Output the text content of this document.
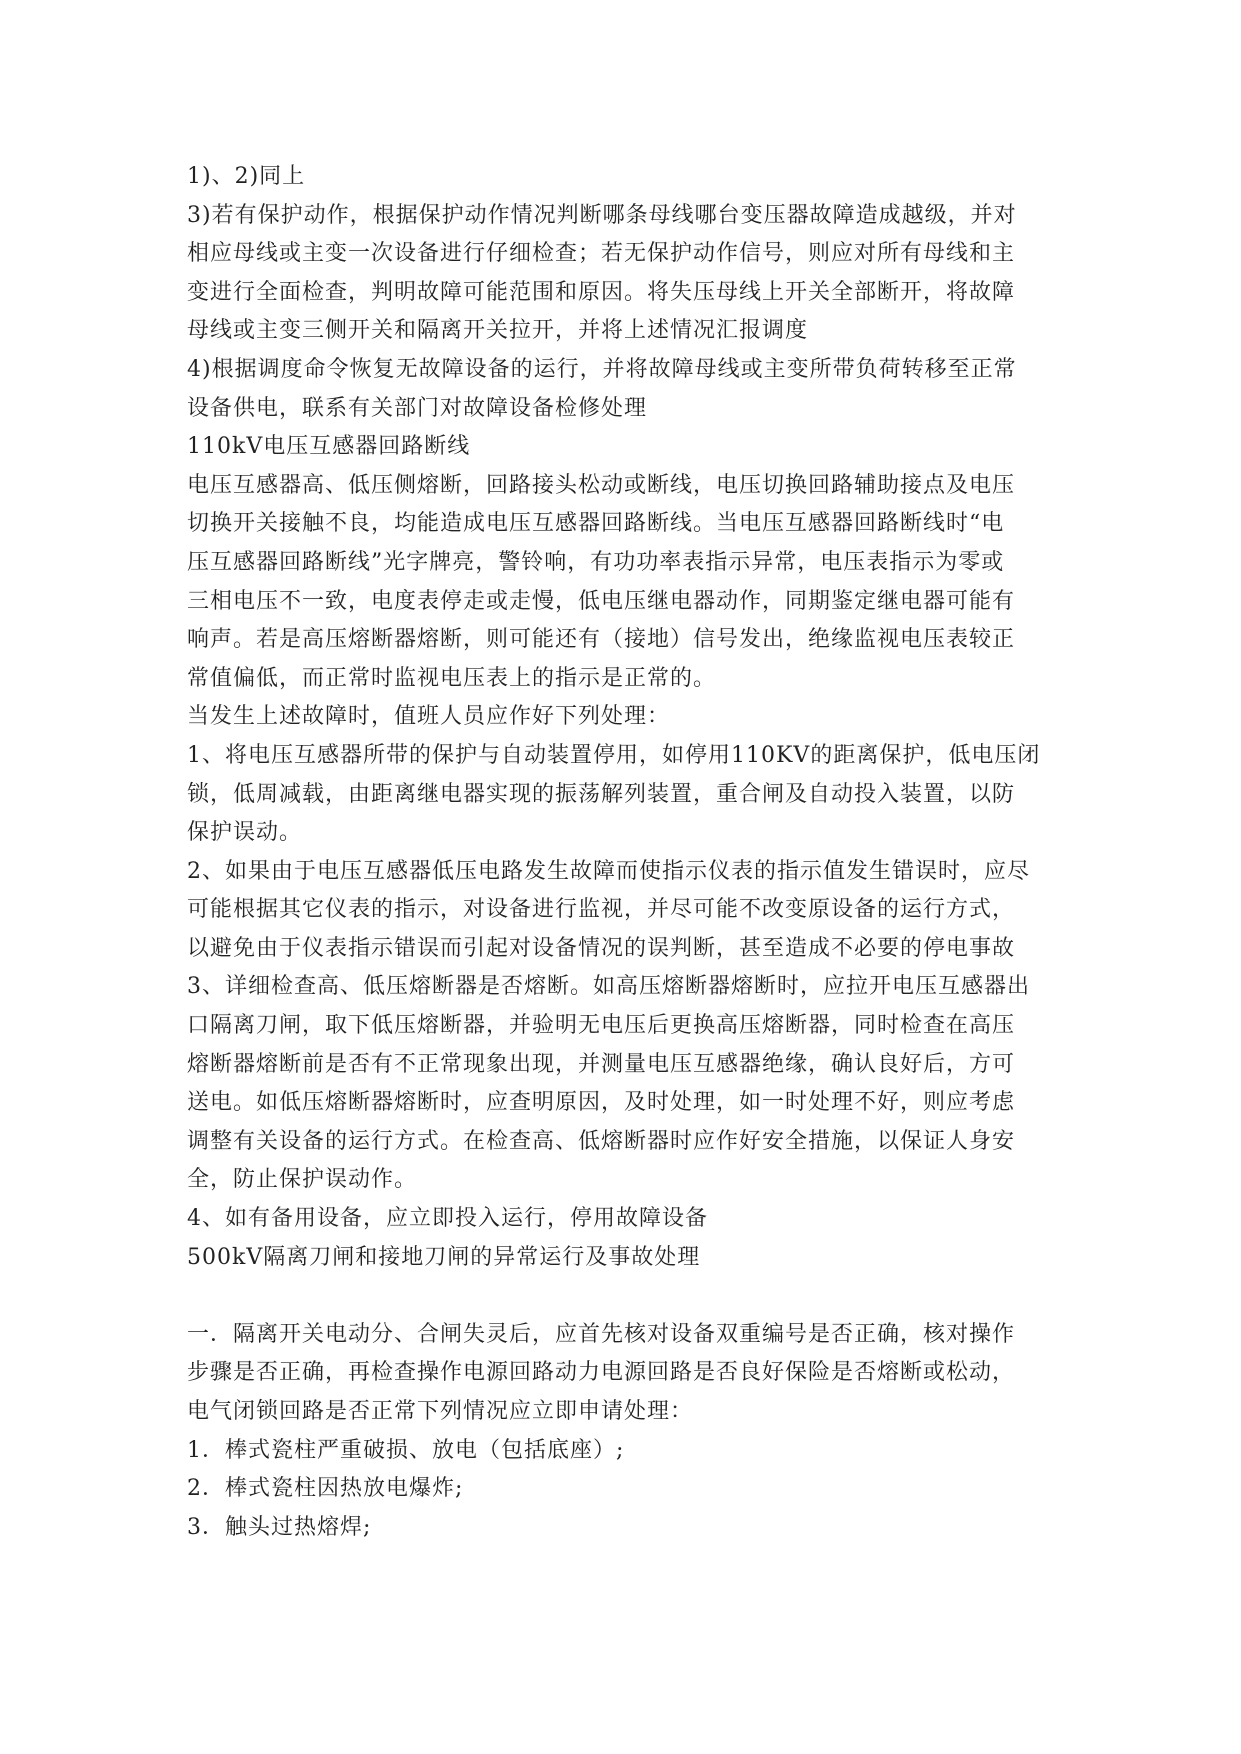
1)、2)同上
3)若有保护动作，根据保护动作情况判断哪条母线哪台变压器故障造成越级，并对
相应母线或主变一次设备进行仔细检查；若无保护动作信号，则应对所有母线和主
变进行全面检查，判明故障可能范围和原因。将失压母线上开关全部断开，将故障
母线或主变三侧开关和隔离开关拉开，并将上述情况汇报调度
4)根据调度命令恢复无故障设备的运行，并将故障母线或主变所带负荷转移至正常
设备供电，联系有关部门对故障设备检修处理
110kV电压互感器回路断线
电压互感器高、低压侧熔断，回路接头松动或断线，电压切换回路辅助接点及电压
切换开关接触不良，均能造成电压互感器回路断线。当电压互感器回路断线时“电
压互感器回路断线”光字牌亮，警铃响，有功功率表指示异常，电压表指示为零或
三相电压不一致，电度表停走或走慢，低电压继电器动作，同期鉴定继电器可能有
响声。若是高压熔断器熔断，则可能还有（接地）信号发出，绝缘监视电压表较正
常值偏低，而正常时监视电压表上的指示是正常的。
当发生上述故障时，值班人员应作好下列处理：
1、将电压互感器所带的保护与自动装置停用，如停用110KV的距离保护，低电压闭
锁，低周减载，由距离继电器实现的振荡解列装置，重合闸及自动投入装置，以防
保护误动。
2、如果由于电压互感器低压电路发生故障而使指示仪表的指示值发生错误时，应尽
可能根据其它仪表的指示，对设备进行监视，并尽可能不改变原设备的运行方式，
以避免由于仪表指示错误而引起对设备情况的误判断，甚至造成不必要的停电事故
3、详细检查高、低压熔断器是否熔断。如高压熔断器熔断时，应拉开电压互感器出
口隔离刀闸，取下低压熔断器，并验明无电压后更换高压熔断器，同时检查在高压
熔断器熔断前是否有不正常现象出现，并测量电压互感器绝缘，确认良好后，方可
送电。如低压熔断器熔断时，应查明原因，及时处理，如一时处理不好，则应考虑
调整有关设备的运行方式。在检查高、低熔断器时应作好安全措施，以保证人身安
全，防止保护误动作。
4、如有备用设备，应立即投入运行，停用故障设备
500kV隔离刀闸和接地刀闸的异常运行及事故处理
一．隔离开关电动分、合闸失灵后，应首先核对设备双重编号是否正确，核对操作
步骤是否正确，再检查操作电源回路动力电源回路是否良好保险是否熔断或松动，
电气闭锁回路是否正常下列情况应立即申请处理：
1．棒式瓷柱严重破损、放电（包括底座）;
2．棒式瓷柱因热放电爆炸;
3．触头过热熔焊;
